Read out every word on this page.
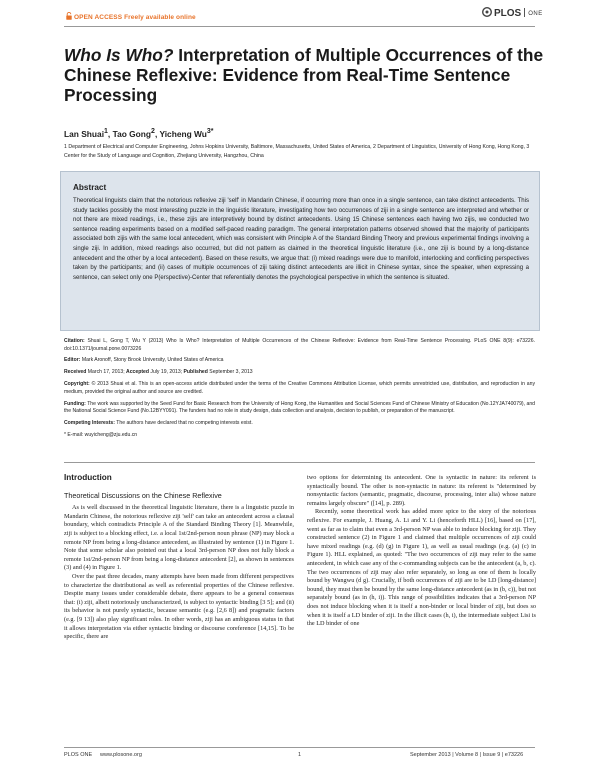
OPEN ACCESS Freely available online	PLOS ONE
Who Is Who? Interpretation of Multiple Occurrences of the Chinese Reflexive: Evidence from Real-Time Sentence Processing
Lan Shuai$^1$, Tao Gong$^2$, Yicheng $Wu^{3*}$
1 Department of Electrical and Computer Engineering, Johns Hopkins University, Baltimore, Massachusetts, United States of America, 2 Department of Linguistics, University of Hong Kong, Hong Kong, 3 Center for the Study of Language and Cognition, Zhejiang University, Hangzhou, China
Abstract

Theoretical linguists claim that the notorious reflexive ziji 'self' in Mandarin Chinese, if occurring more than once in a single sentence, can take distinct antecedents. This study tackles possibly the most interesting puzzle in the linguistic literature, investigating how two occurrences of ziji in a single sentence are interpreted and whether or not there are mixed readings, i.e., these zijis are interpretively bound by distinct antecedents. Using 15 Chinese sentences each having two zijis, we conducted two sentence reading experiments based on a modified self-paced reading paradigm. The general interpretation patterns observed showed that the majority of participants associated both zijis with the same local antecedent, which was consistent with Principle A of the Standard Binding Theory and previous experimental findings involving a single ziji. In addition, mixed readings also occurred, but did not pattern as claimed in the theoretical linguistic literature (i.e., one ziji is bound by a long-distance antecedent and the other by a local antecedent). Based on these results, we argue that: (i) mixed readings were due to manifold, interlocking and conflicting perspectives taken by the participants; and (ii) cases of multiple occurrences of ziji taking distinct antecedents are illicit in Chinese syntax, since the speaker, when expressing a sentence, can select only one P(erspective)-Center that referentially denotes the psychological perspective in which the sentence is situated.

Citation: Shuai L, Gong T, Wu Y (2013) Who Is Who? Interpretation of Multiple Occurrences of the Chinese Reflexive: Evidence from Real-Time Sentence Processing. PLoS ONE 8(9): e73226. doi:10.1371/journal.pone.0073226

Editor: Mark Aronoff, Stony Brook University, United States of America

Received March 17, 2013; Accepted July 19, 2013; Published September 3, 2013

Copyright: © 2013 Shuai et al. This is an open-access article distributed under the terms of the Creative Commons Attribution License, which permits unrestricted use, distribution, and reproduction in any medium, provided the original author and source are credited.

Funding: The work was supported by the Seed Fund for Basic Research from the University of Hong Kong, the Humanities and Social Sciences Fund of Chinese Ministry of Education (No.12YJA740079), and the National Social Science Fund (No.12BYY091). The funders had no role in study design, data collection and analysis, decision to publish, or preparation of the manuscript.

Competing Interests: The authors have declared that no competing interests exist.

* E-mail: wuyicheng@zju.edu.cn

Introduction
Theoretical Discussions on the Chinese Reflexive

As is well discussed in the theoretical linguistic literature, there is a linguistic puzzle in Mandarin Chinese, the notorious reflexive ziji 'self' can take an antecedent across a clausal boundary, which contradicts Principle A of the Standard Binding Theory [1]. Meanwhile, ziji is subject to a blocking effect, i.e. a local 1st/2nd-person noun phrase (NP) may block a remote NP from being a long-distance antecedent, as illustrated by sentence (1) in Figure 1. Note that some scholar also pointed out that a local 3rd-person NP does not fully block a remote 1st/2nd-person NP from being a long-distance antecedent [2], as shown in sentences (3) and (4) in Figure 1.

Over the past three decades, many attempts have been made from different perspectives to characterize the distributional as well as referential properties of the Chinese reflexive. Despite many issues under considerable debate, there appears to be a general consensus that: (i) ziji, albeit notoriously uncharacterized, is subject to syntactic binding [3 5]; and (ii) its behavior is not purely syntactic, because semantic (e.g. [2,6 8]) and pragmatic factors (e.g. [9 13]) also play significant roles. In other words, ziji has an ambiguous status in that it allows interpretation via either syntactic binding or discourse coreference [14,15]. To be specific, there are

two options for determining its antecedent. One is syntactic in nature: its referent is syntactically bound. The other is non-syntactic in nature: its referent is "determined by nonsyntactic factors (semantic, pragmatic, discourse, processing, inter alia) whose nature remains largely obscure" ([14], p. 289).

Recently, some theoretical work has added more spice to the story of the notorious reflexive. For example, J. Huang, A. Li and Y. Li (henceforth HLL) [16], based on [17], went as far as to claim that even a 3rd-person NP was able to induce blocking for ziji. They constructed sentence (2) in Figure 1 and claimed that multiple occurrences of ziji could have mixed readings (e.g. (d) (g) in Figure 1), as well as usual readings (e.g. (a) (c) in Figure 1). HLL explained, as quoted: "The two occurrences of ziji may refer to the same antecedent, in which case any of the c-commanding subjects can be the antecedent (a, b, c). The two occurrences of ziji may also refer separately, so long as one of them is locally bound by Wangwu (d g). Crucially, if both occurrences of ziji are to be LD [long-distance] bound, they must then be bound by the same long-distance antecedent (as in (b, c)), but not separately bound (as in (h, i)). This range of possibilities indicates that a 3rd-person NP does not induce blocking when it is itself a non-binder or local binder of ziji, but does so when it is itself a LD binder of ziji. In the illicit cases (h, i), the intermediate subject Lisi is the LD binder of one

PLOS ONE www.plosone.org	1	September 2013 | Volume 8 | Issue 9 | e73226
